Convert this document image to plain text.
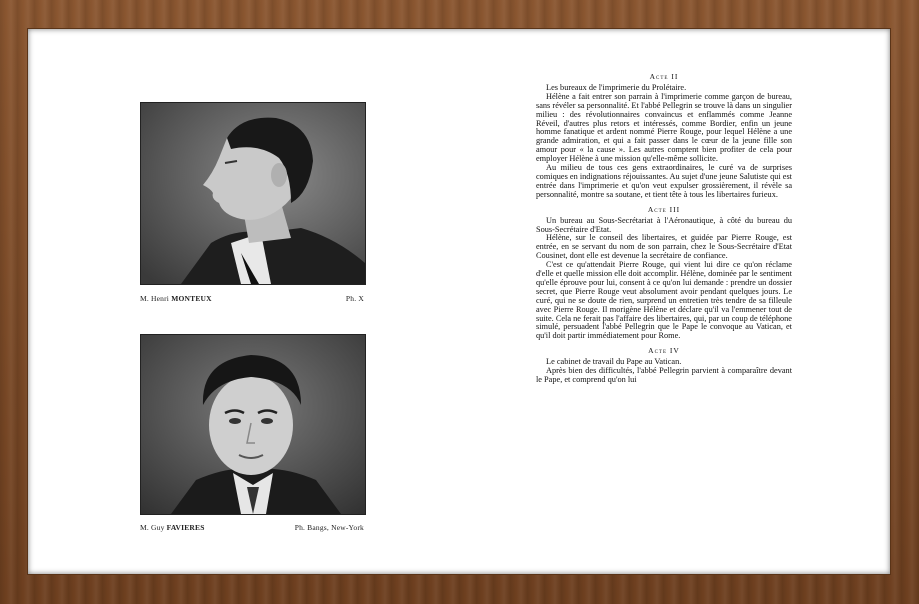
M. Henri MONTEUX	Ph. X
M. Guy FAVIERES	Ph. Bangs, New-York
Acte II

Les bureaux de l'imprimerie du Prolétaire.

Hélène a fait entrer son parrain à l'imprimerie comme garçon de bureau, sans révéler sa personnalité. Et l'abbé Pellegrin se trouve là dans un singulier milieu : des révolutionnaires convaincus et enflammés comme Jeanne Réveil, d'autres plus retors et intéressés, comme Bordier, enfin un jeune homme fanatique et ardent nommé Pierre Rouge, pour lequel Hélène a une grande admiration, et qui a fait passer dans le cœur de la jeune fille son amour pour « la cause ». Les autres comptent bien profiter de cela pour employer Hélène à une mission qu'elle-même sollicite.

Au milieu de tous ces gens extraordinaires, le curé va de surprises comiques en indignations réjouissantes. Au sujet d'une jeune Salutiste qui est entrée dans l'imprimerie et qu'on veut expulser grossièrement, il révèle sa personnalité, montre sa soutane, et tient tête à tous les libertaires furieux.

Acte III

Un bureau au Sous-Secrétariat à l'Aéronautique, à côté du bureau du Sous-Secrétaire d'Etat.

Hélène, sur le conseil des libertaires, et guidée par Pierre Rouge, est entrée, en se servant du nom de son parrain, chez le Sous-Secrétaire d'Etat Cousinet, dont elle est devenue la secrétaire de confiance.

C'est ce qu'attendait Pierre Rouge, qui vient lui dire ce qu'on réclame d'elle et quelle mission elle doit accomplir. Hélène, dominée par le sentiment qu'elle éprouve pour lui, consent à ce qu'on lui demande : prendre un dossier secret, que Pierre Rouge veut absolument avoir pendant quelques jours. Le curé, qui ne se doute de rien, surprend un entretien très tendre de sa filleule avec Pierre Rouge. Il morigène Hélène et déclare qu'il va l'emmener tout de suite. Cela ne ferait pas l'affaire des libertaires, qui, par un coup de téléphone simulé, persuadent l'abbé Pellegrin que le Pape le convoque au Vatican, et qu'il doit partir immédiatement pour Rome.

Acte IV

Le cabinet de travail du Pape au Vatican.

Après bien des difficultés, l'abbé Pellegrin parvient à comparaître devant le Pape, et comprend qu'on lui
